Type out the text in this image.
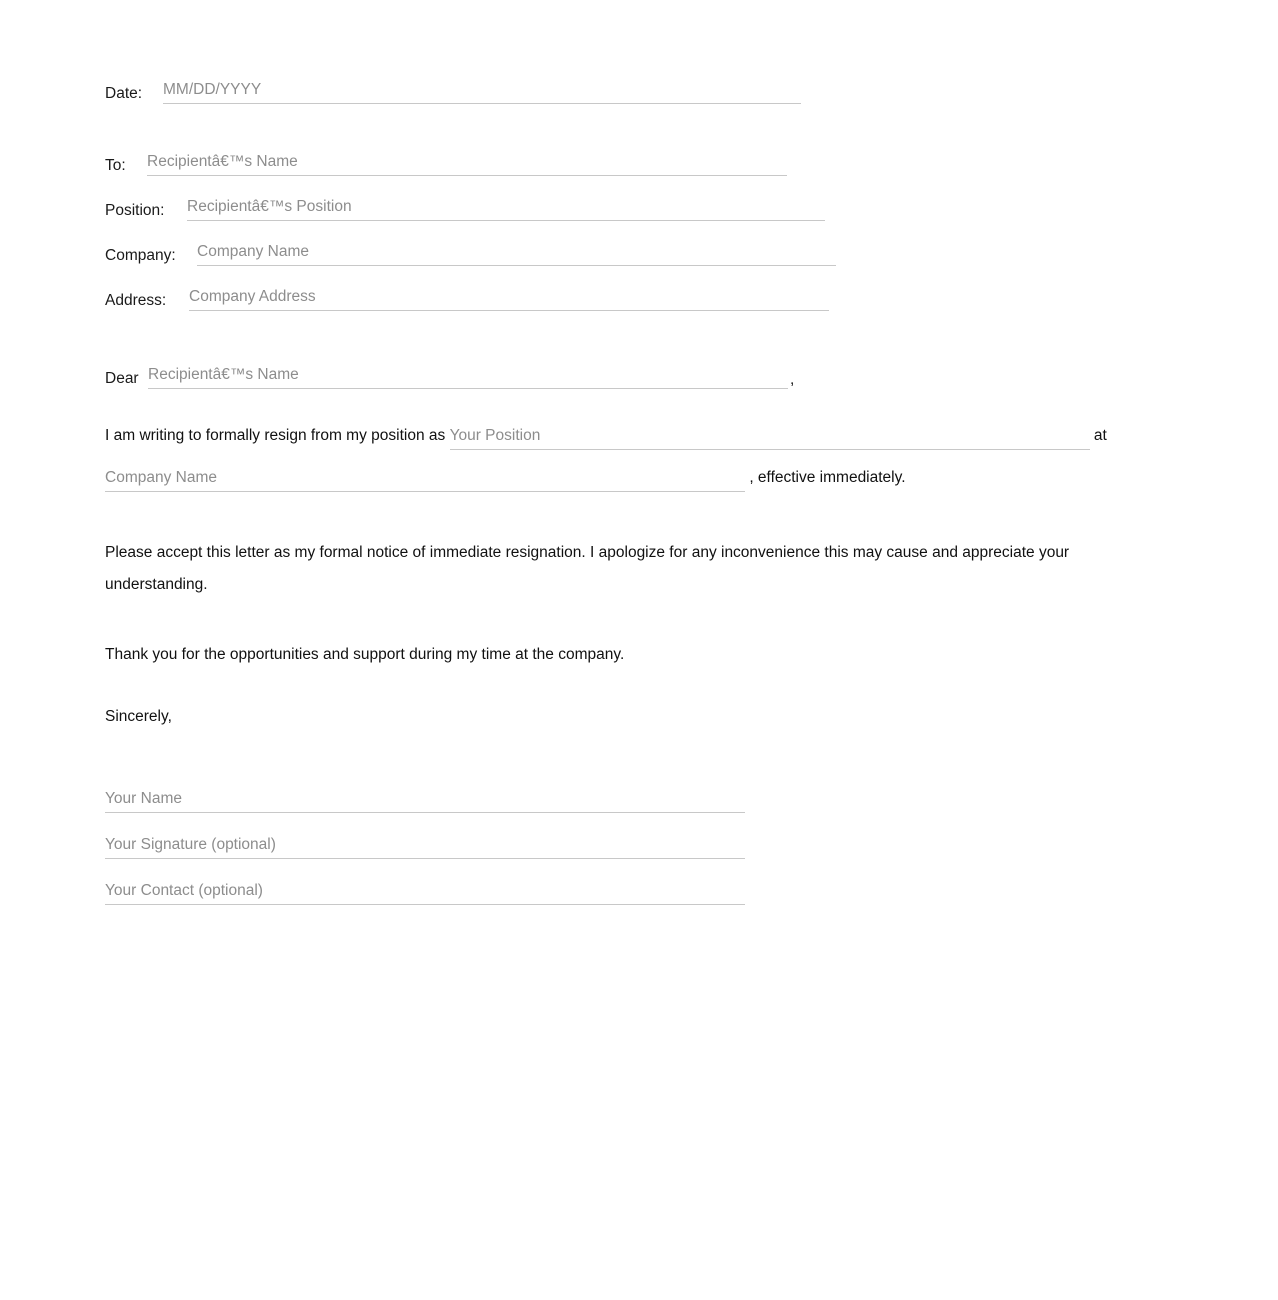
Date:
MM/DD/YYYY
To:
Recipientâ€™s Name
Position:
Recipientâ€™s Position
Company:
Company Name
Address:
Company Address
Dear
Recipientâ€™s Name	,
I am writing to formally resign from my position as Your Position	at
Company Name , effective immediately.
Please accept this letter as my formal notice of immediate resignation. I apologize for any inconvenience this may cause and appreciate your understanding.
Thank you for the opportunities and support during my time at the company.
Sincerely,
Your Name
Your Signature (optional)
Your Contact (optional)
